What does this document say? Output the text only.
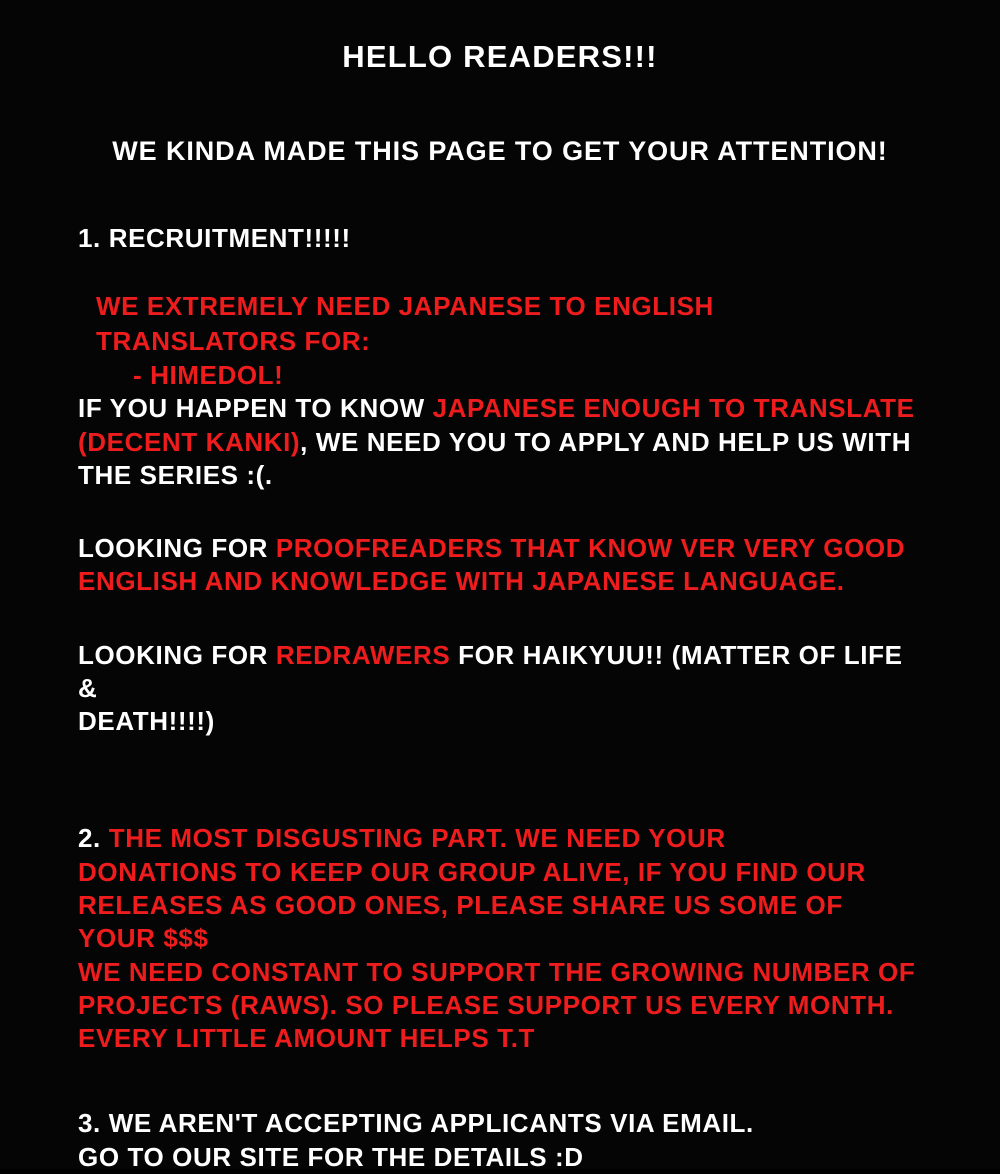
HELLO READERS!!!
WE KINDA MADE THIS PAGE TO GET YOUR ATTENTION!
1. RECRUITMENT!!!!!
WE EXTREMELY NEED JAPANESE TO ENGLISH TRANSLATORS FOR:
- HIMEDOL!
IF YOU HAPPEN TO KNOW JAPANESE ENOUGH TO TRANSLATE
(DECENT KANKI), WE NEED YOU TO APPLY AND HELP US WITH
THE SERIES :(.
LOOKING FOR PROOFREADERS THAT KNOW VER VERY GOOD
ENGLISH AND KNOWLEDGE WITH JAPANESE LANGUAGE.
LOOKING FOR REDRAWERS FOR HAIKYUU!! (MATTER OF LIFE &
DEATH!!!!)
2. THE MOST DISGUSTING PART. WE NEED YOUR
DONATIONS TO KEEP OUR GROUP ALIVE, IF YOU FIND OUR
RELEASES AS GOOD ONES, PLEASE SHARE US SOME OF YOUR $$$
WE NEED CONSTANT TO SUPPORT THE GROWING NUMBER OF
PROJECTS (RAWS). SO PLEASE SUPPORT US EVERY MONTH.
EVERY LITTLE AMOUNT HELPS T.T
3. WE AREN'T ACCEPTING APPLICANTS VIA EMAIL.
GO TO OUR SITE FOR THE DETAILS :D
